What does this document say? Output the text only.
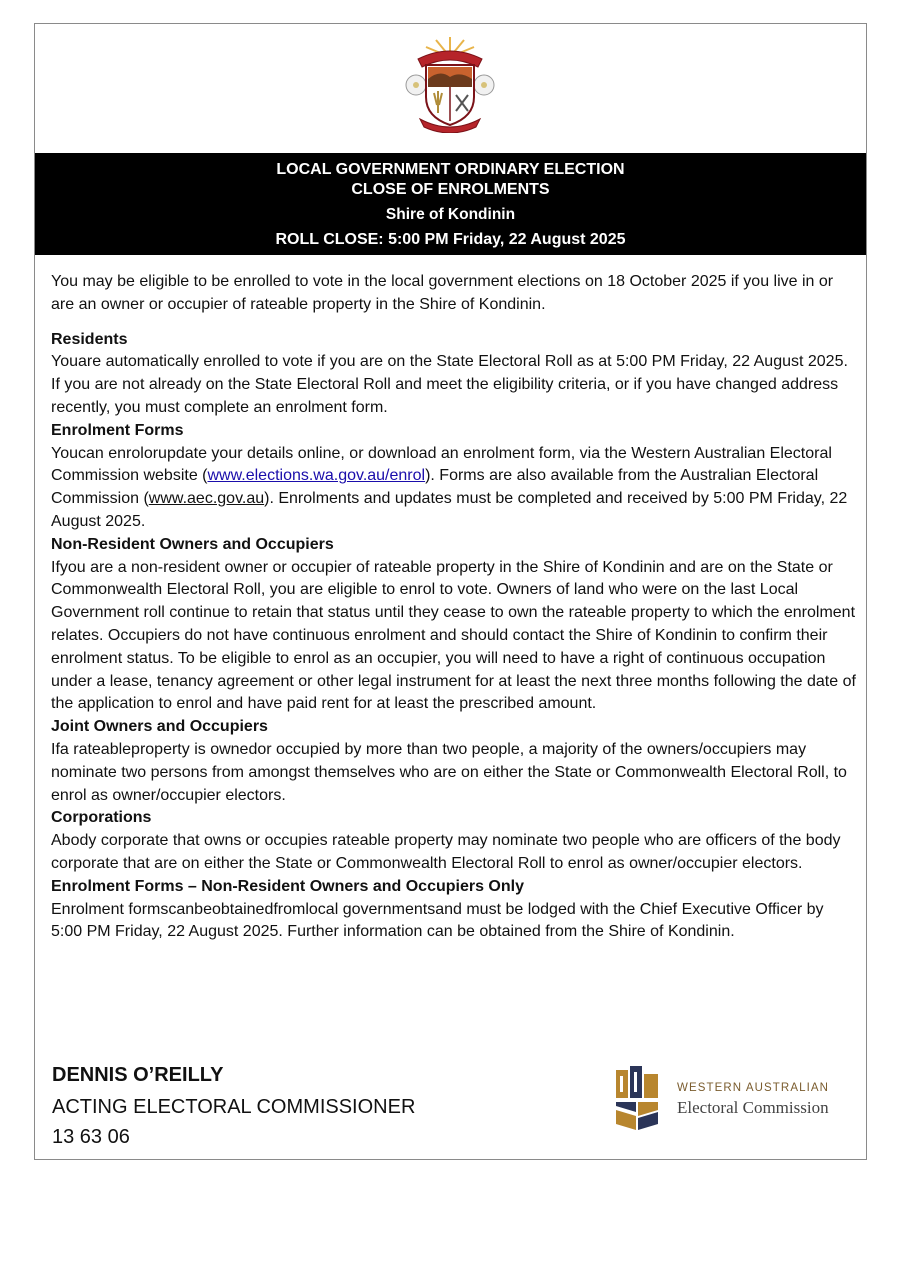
LOCAL GOVERNMENT ORDINARY ELECTION
CLOSE OF ENROLMENTS
Shire of Kondinin
ROLL CLOSE: 5:00 PM Friday, 22 August 2025

You may be eligible to be enrolled to vote in the local government elections on 18 October 2025 if you live in or are an owner or occupier of rateable property in the Shire of Kondinin.

Residents

Youare automatically enrolled to vote if you are on the State Electoral Roll as at 5:00 PM Friday, 22 August 2025. If you are not already on the State Electoral Roll and meet the eligibility criteria, or if you have changed address recently, you must complete an enrolment form.

Enrolment Forms

Youcan enrolorupdate your details online, or download an enrolment form, via the Western Australian Electoral Commission website (www.elections.wa.gov.au/enrol). Forms are also available from the Australian Electoral Commission (www.aec.gov.au). Enrolments and updates must be completed and received by 5:00 PM Friday, 22 August 2025.

Non-Resident Owners and Occupiers

Ifyou are a non-resident owner or occupier of rateable property in the Shire of Kondinin and are on the State or Commonwealth Electoral Roll, you are eligible to enrol to vote. Owners of land who were on the last Local Government roll continue to retain that status until they cease to own the rateable property to which the enrolment relates. Occupiers do not have continuous enrolment and should contact the Shire of Kondinin to confirm their enrolment status. To be eligible to enrol as an occupier, you will need to have a right of continuous occupation under a lease, tenancy agreement or other legal instrument for at least the next three months following the date of the application to enrol and have paid rent for at least the prescribed amount.

Joint Owners and Occupiers

Ifa rateableproperty is ownedor occupied by more than two people, a majority of the owners/occupiers may nominate two persons from amongst themselves who are on either the State or Commonwealth Electoral Roll, to enrol as owner/occupier electors.

Corporations

Abody corporate that owns or occupies rateable property may nominate two people who are officers of the body corporate that are on either the State or Commonwealth Electoral Roll to enrol as owner/occupier electors.

Enrolment Forms – Non-Resident Owners and Occupiers Only

Enrolment formscanbeobtainedfromlocal governmentsand must be lodged with the Chief Executive Officer by 5:00 PM Friday, 22 August 2025. Further information can be obtained from the Shire of Kondinin.

DENNIS O’REILLY
ACTING ELECTORAL COMMISSIONER
13 63 06
WESTERN AUSTRALIAN
Electoral Commission
